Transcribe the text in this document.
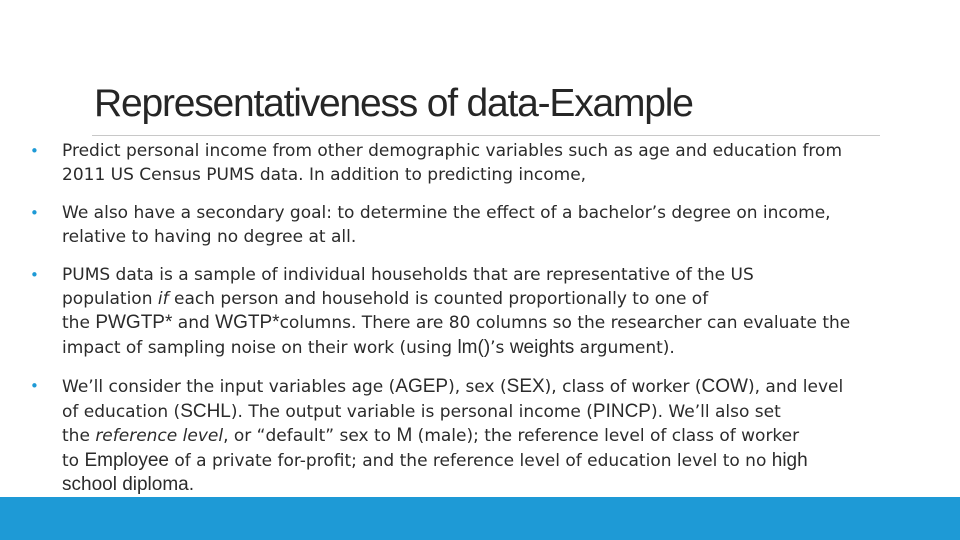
Representativeness of data-Example
• Predict personal income from other demographic variables such as age and education from
2011 US Census PUMS data. In addition to predicting income,
• We also have a secondary goal: to determine the effect of a bachelor’s degree on income,
relative to having no degree at all.
• PUMS data is a sample of individual households that are representative of the US
population if each person and household is counted proportionally to one of
the PWGTP* and WGTP*columns. There are 80 columns so the researcher can evaluate the
impact of sampling noise on their work (using lm()’s weights argument).
• We’ll consider the input variables age (AGEP), sex (SEX), class of worker (COW), and level
of education (SCHL). The output variable is personal income (PINCP). We’ll also set
the reference level, or “default” sex to M (male); the reference level of class of worker
to Employee of a private for-profit; and the reference level of education level to no high
school diploma.
